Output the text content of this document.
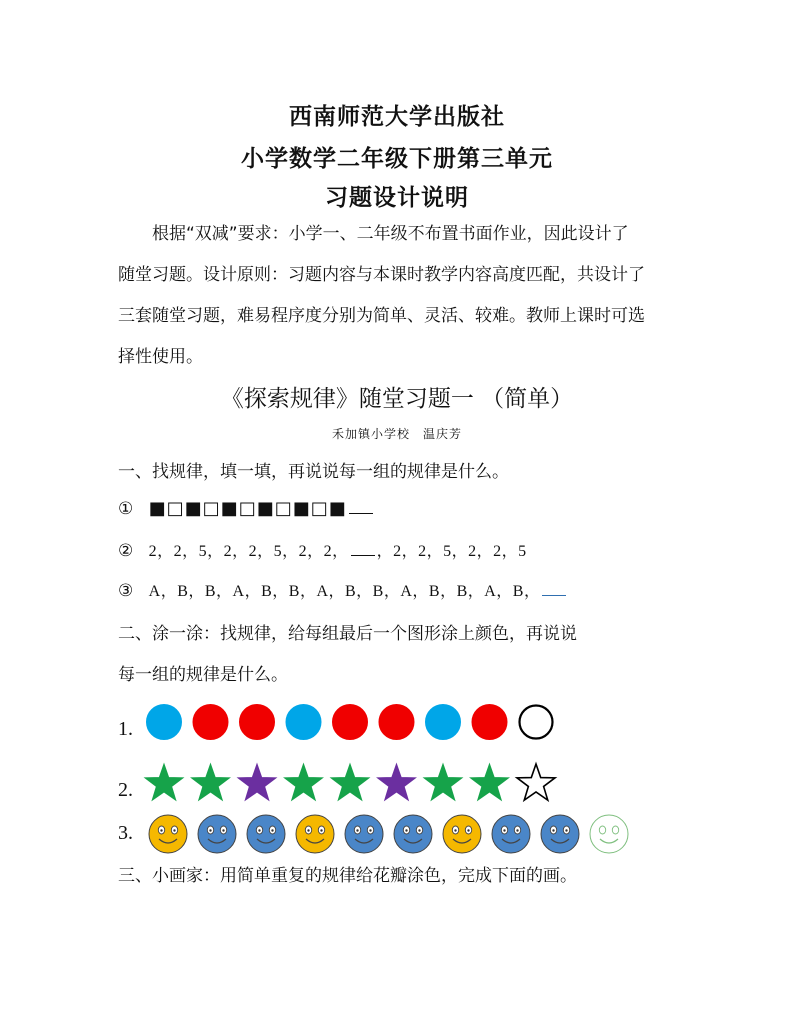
西南师范大学出版社
小学数学二年级下册第三单元
习题设计说明
根据“双减”要求：小学一、二年级不布置书面作业，因此设计了
随堂习题。设计原则：习题内容与本课时教学内容高度匹配，共设计了
三套随堂习题，难易程序度分别为简单、灵活、较难。教师上课时可选
择性使用。
《探索规律》随堂习题一 （简单）
禾加镇小学校　温庆芳
一、找规律，填一填，再说说每一组的规律是什么。
① ■□■□■□■□■□■
② 2，2，5，2，2，5，2，2， ，2，2，5，2，2，5
③ A，B，B，A，B，B，A，B，B，A，B，B，A，B，
二、涂一涂：找规律，给每组最后一个图形涂上颜色，再说说
每一组的规律是什么。
1.
2.
3.
三、小画家：用简单重复的规律给花瓣涂色，完成下面的画。
